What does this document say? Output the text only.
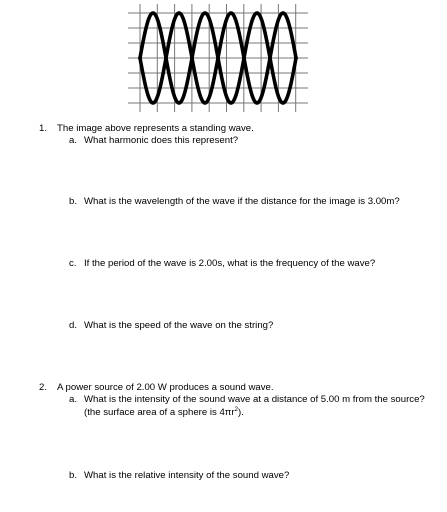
1. The image above represents a standing wave.
a. What harmonic does this represent?
b. What is the wavelength of the wave if the distance for the image is 3.00m?
c. If the period of the wave is 2.00s, what is the frequency of the wave?
d. What is the speed of the wave on the string?
2. A power source of 2.00 W produces a sound wave.
a. What is the intensity of the sound wave at a distance of 5.00 m from the source?
(the surface area of a sphere is $4\pi r^2$).
b. What is the relative intensity of the sound wave?
